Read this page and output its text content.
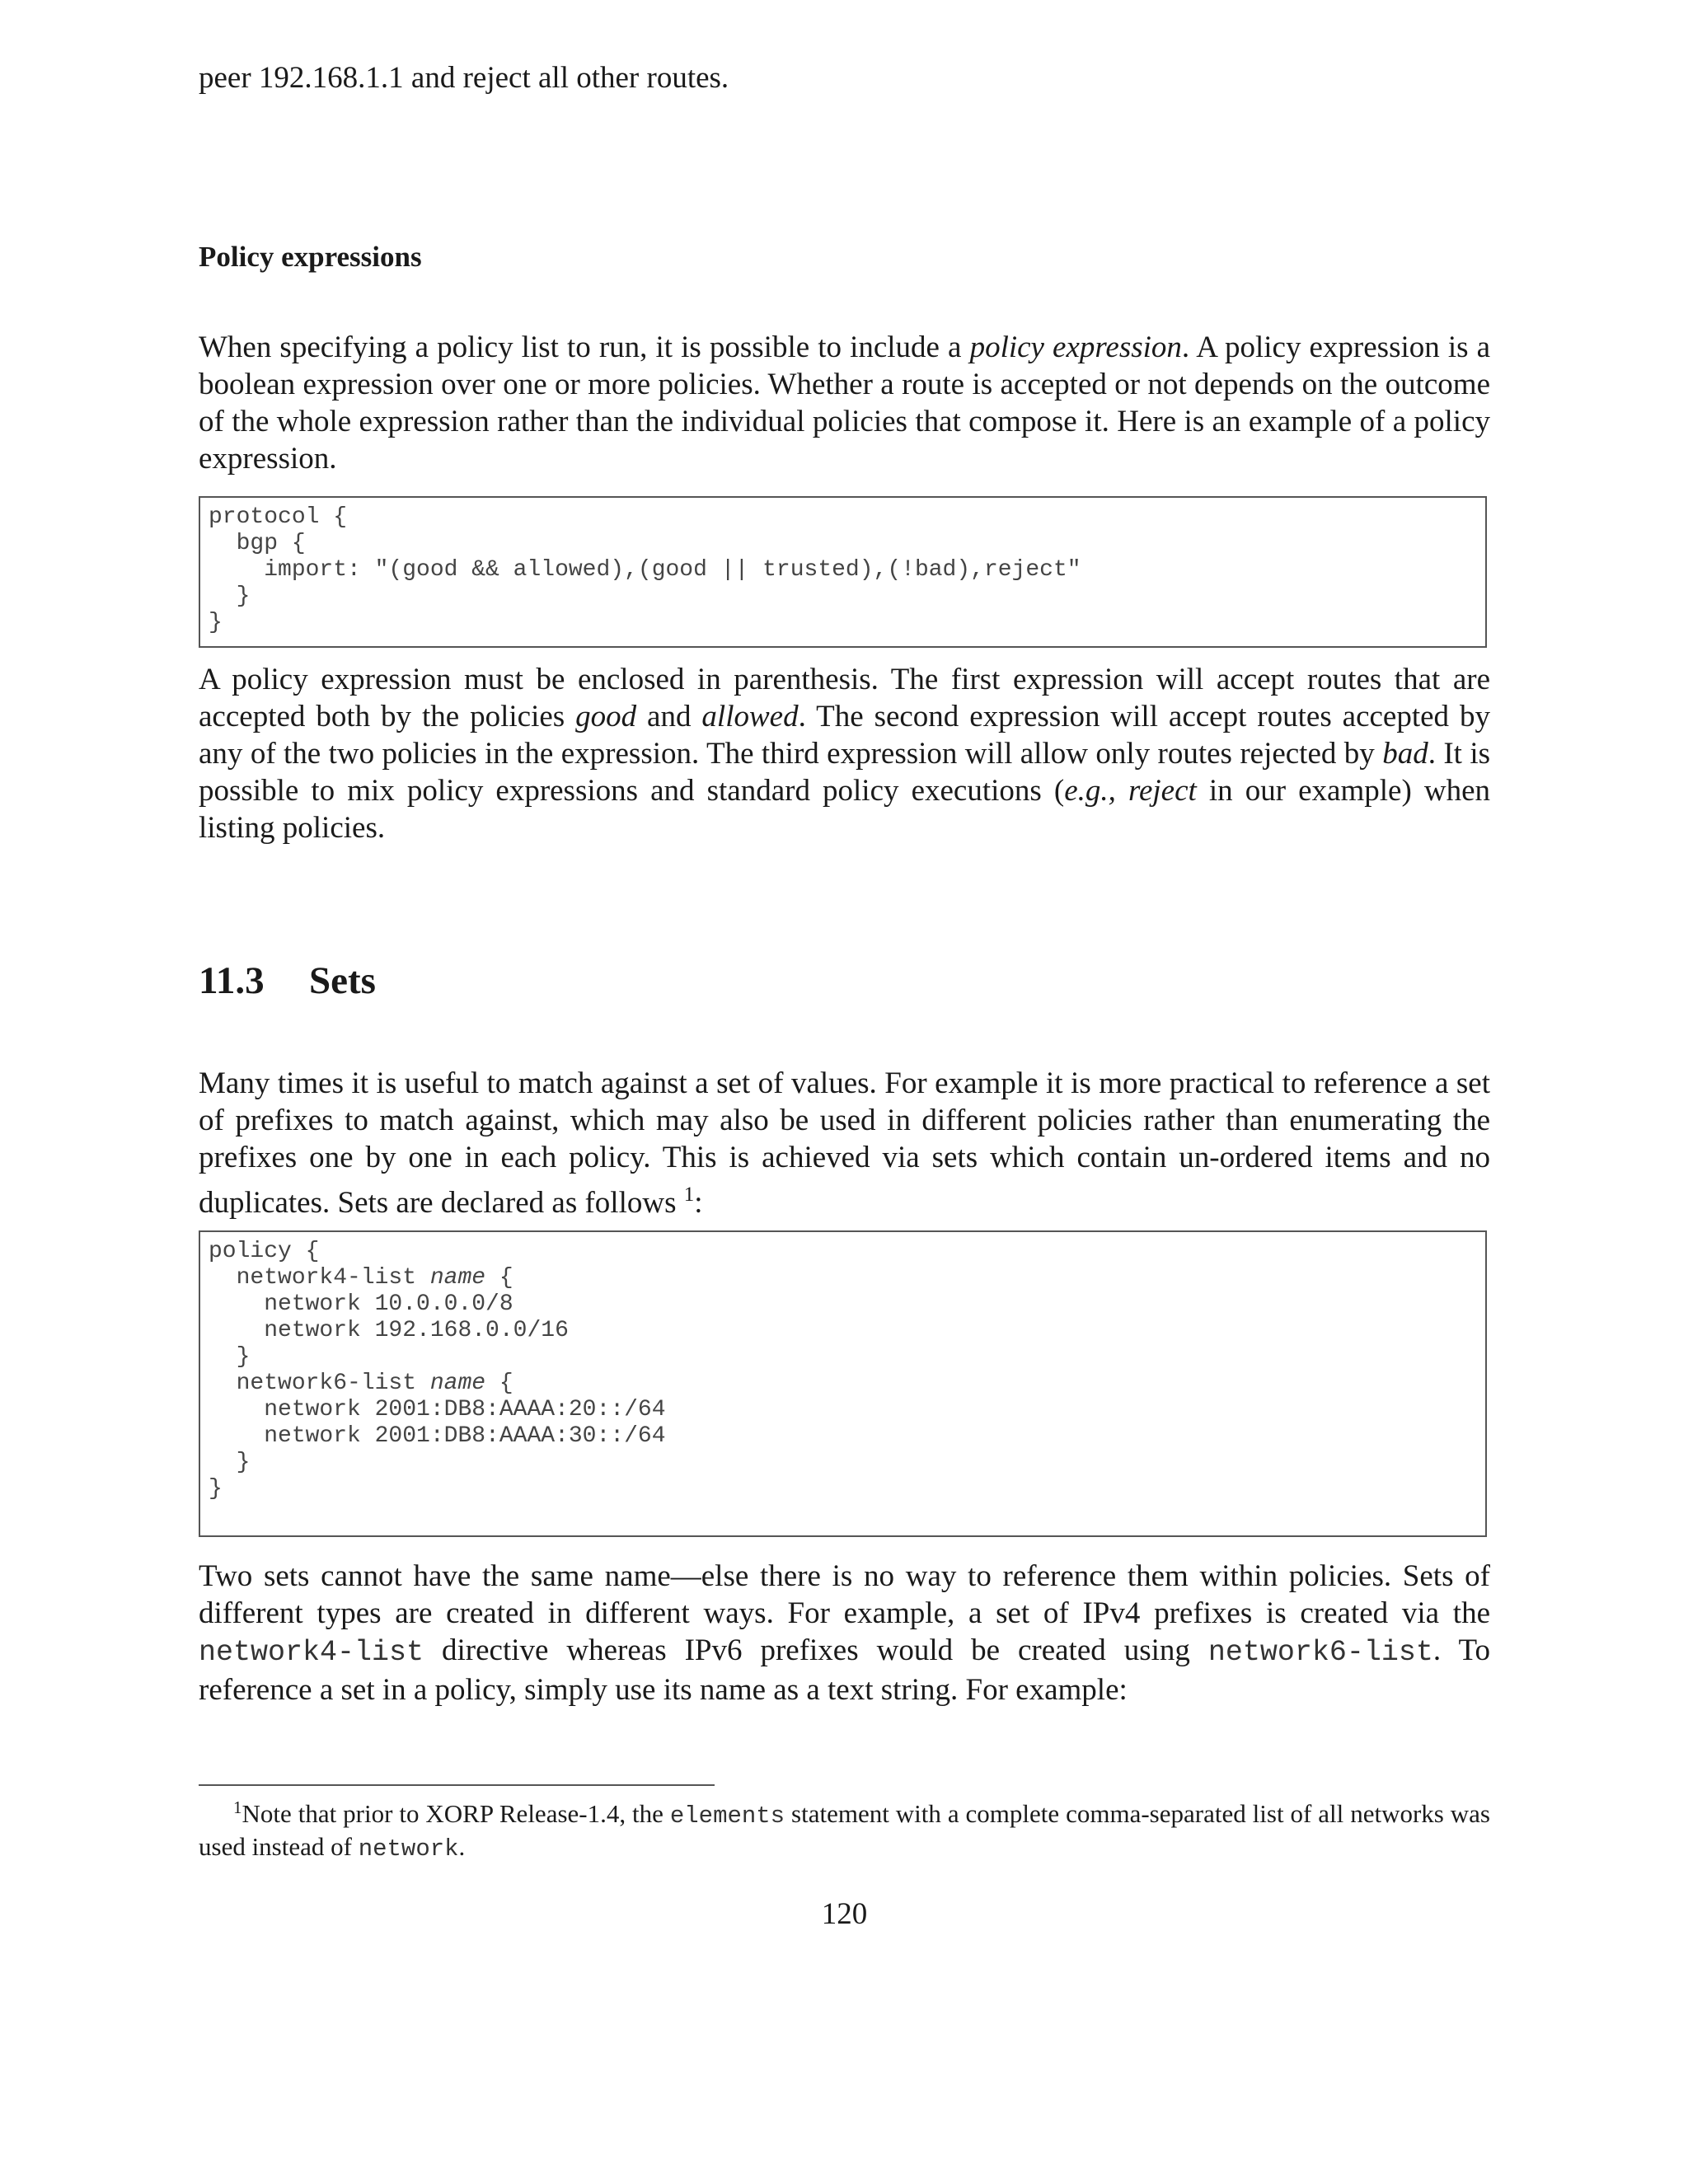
peer 192.168.1.1 and reject all other routes.

Policy expressions

When specifying a policy list to run, it is possible to include a policy expression. A policy expression is a boolean expression over one or more policies. Whether a route is accepted or not depends on the outcome of the whole expression rather than the individual policies that compose it. Here is an example of a policy expression.

protocol {
bgp {
import: "(good && allowed),(good || trusted),(!bad),reject"
}
}

A policy expression must be enclosed in parenthesis. The first expression will accept routes that are accepted both by the policies good and allowed. The second expression will accept routes accepted by any of the two policies in the expression. The third expression will allow only routes rejected by bad. It is possible to mix policy expressions and standard policy executions (e.g., reject in our example) when listing policies.

11.3 Sets

Many times it is useful to match against a set of values. For example it is more practical to reference a set of prefixes to match against, which may also be used in different policies rather than enumerating the prefixes one by one in each policy. This is achieved via sets which contain un-ordered items and no duplicates. Sets are declared as follows $^1$:

policy {
network4-list name {
network 10.0.0.0/8
network 192.168.0.0/16
}
network6-list name {
network 2001:DB8:AAAA:20::/64
network 2001:DB8:AAAA:30::/64
}
}

Two sets cannot have the same name—else there is no way to reference them within policies. Sets of different types are created in different ways. For example, a set of IPv4 prefixes is created via the network4-list directive whereas IPv6 prefixes would be created using network6-list. To reference a set in a policy, simply use its name as a text string. For example:

$^1$Note that prior to XORP Release-1.4, the elements statement with a complete comma-separated list of all networks was used instead of network.

120
